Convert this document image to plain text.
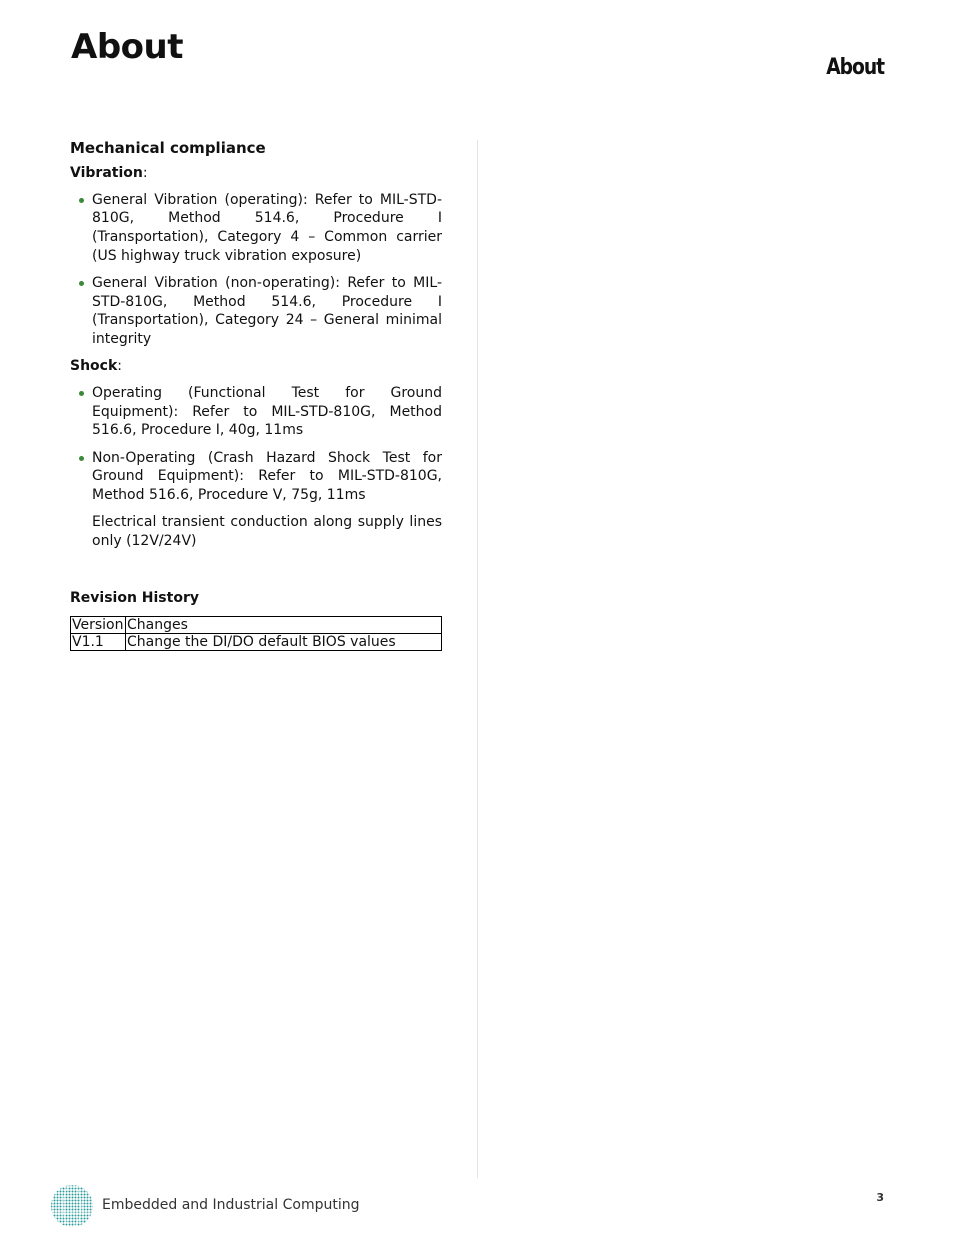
About
About
Mechanical compliance

Vibration:

General Vibration (operating): Refer to MIL-STD-810G, Method 514.6, Procedure I (Transportation), Category 4 – Common carrier (US highway truck vibration exposure)
General Vibration (non-operating): Refer to MIL-STD-810G, Method 514.6, Procedure I (Transportation), Category 24 – General minimal integrity

Shock:

Operating (Functional Test for Ground Equipment): Refer to MIL-STD-810G, Method 516.6, Procedure I, 40g, 11ms
Non-Operating (Crash Hazard Shock Test for Ground Equipment): Refer to MIL-STD-810G, Method 516.6, Procedure V, 75g, 11ms

Electrical transient conduction along supply lines only (12V/24V)

Revision History

Version	Changes
V1.1	Change the DI/DO default BIOS values
Embedded and Industrial Computing	3
